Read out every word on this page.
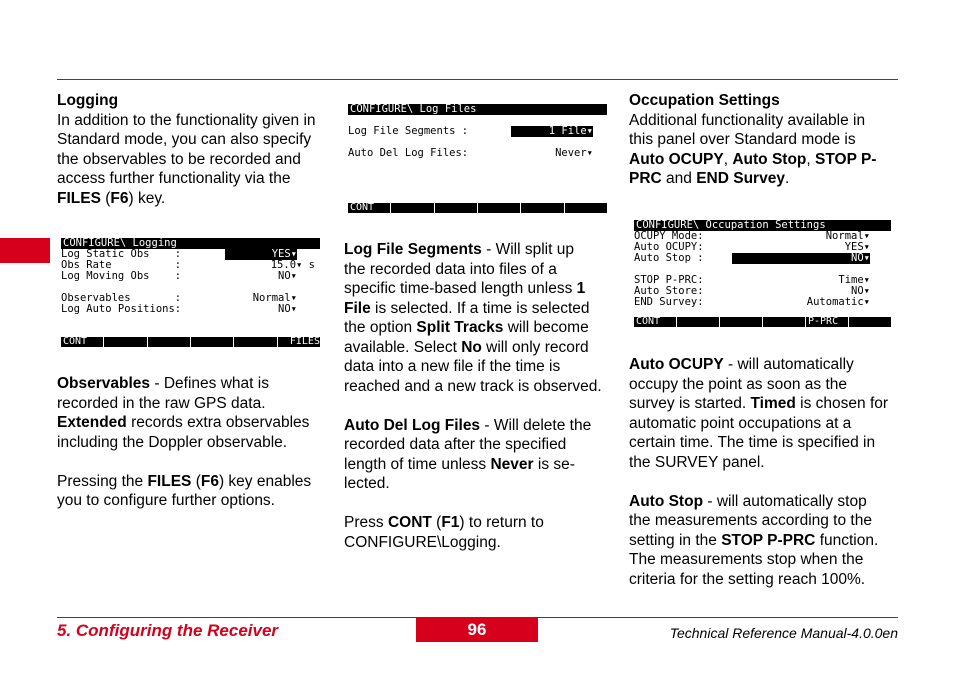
Logging

In addition to the functionality given in

Standard mode, you can also specify

the observables to be recorded and

access further functionality via the

FILES (F6) key.

CONFIGURE\ Logging
Log Static Obs    :	YES▾
Obs Rate          :	15.0▾ s
Log Moving Obs    :	NO▾
Observables       :	Normal▾
Log Auto Positions:	NO▾
CONT	FILES

Observables - Defines what is

recorded in the raw GPS data.

Extended records extra observables

including the Doppler observable.

Pressing the FILES (F6) key enables

you to configure further options.

CONFIGURE\ Log Files
Log File Segments :	1 File▾
Auto Del Log Files:	Never▾
CONT

Log File Segments - Will split up

the recorded data into files of a

specific time-based length unless 1

File is selected. If a time is selected

the option Split Tracks will become

available. Select No will only record

data into a new file if the time is

reached and a new track is observed.

Auto Del Log Files - Will delete the

recorded data after the specified

length of time unless Never is se-

lected.

Press CONT (F1) to return to

CONFIGURE\Logging.

Occupation Settings

Additional functionality available in

this panel over Standard mode is

Auto OCUPY, Auto Stop, STOP P-

PRC and END Survey.

CONFIGURE\ Occupation Settings
OCUPY Mode:	Normal▾
Auto OCUPY:	YES▾
Auto Stop :	NO▾
STOP P-PRC:	Time▾
Auto Store:	NO▾
END Survey:	Automatic▾
CONT	P-PRC

Auto OCUPY - will automatically

occupy the point as soon as the

survey is started. Timed is chosen for

automatic point occupations at a

certain time. The time is specified in

the SURVEY panel.

Auto Stop - will automatically stop

the measurements according to the

setting in the STOP P-PRC function.

The measurements stop when the

criteria for the setting reach 100%.

5. Configuring the Receiver	96	Technical Reference Manual-4.0.0en
